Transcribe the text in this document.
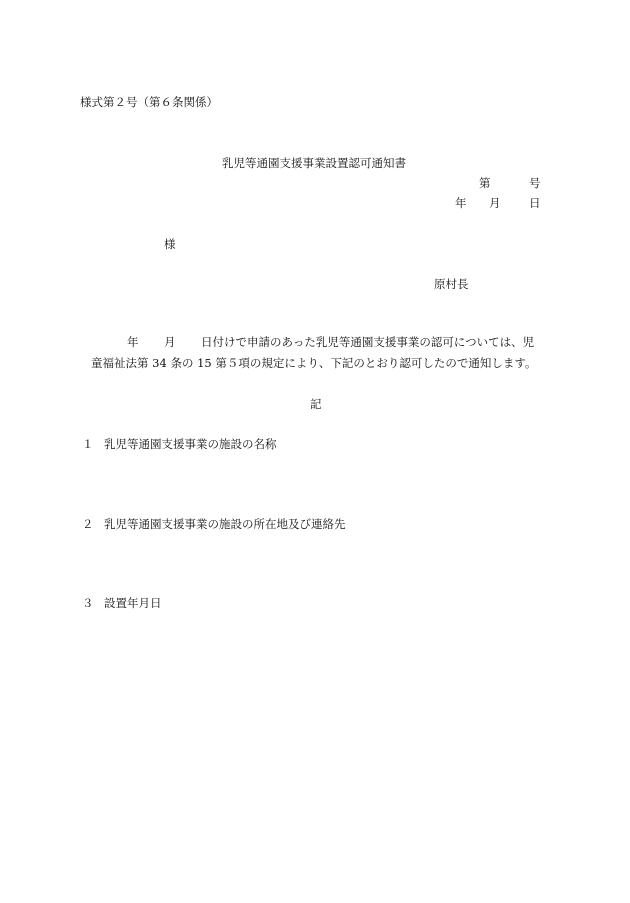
様式第２号（第６条関係）
乳児等通園支援事業設置認可通知書
第	号
年 月 日
様
原村長
年 月 日付けで申請のあった乳児等通園支援事業の認可については、児
童福祉法第 34 条の 15 第５項の規定により、下記のとおり認可したので通知します。
記
１ 乳児等通園支援事業の施設の名称
２ 乳児等通園支援事業の施設の所在地及び連絡先
３ 設置年月日
